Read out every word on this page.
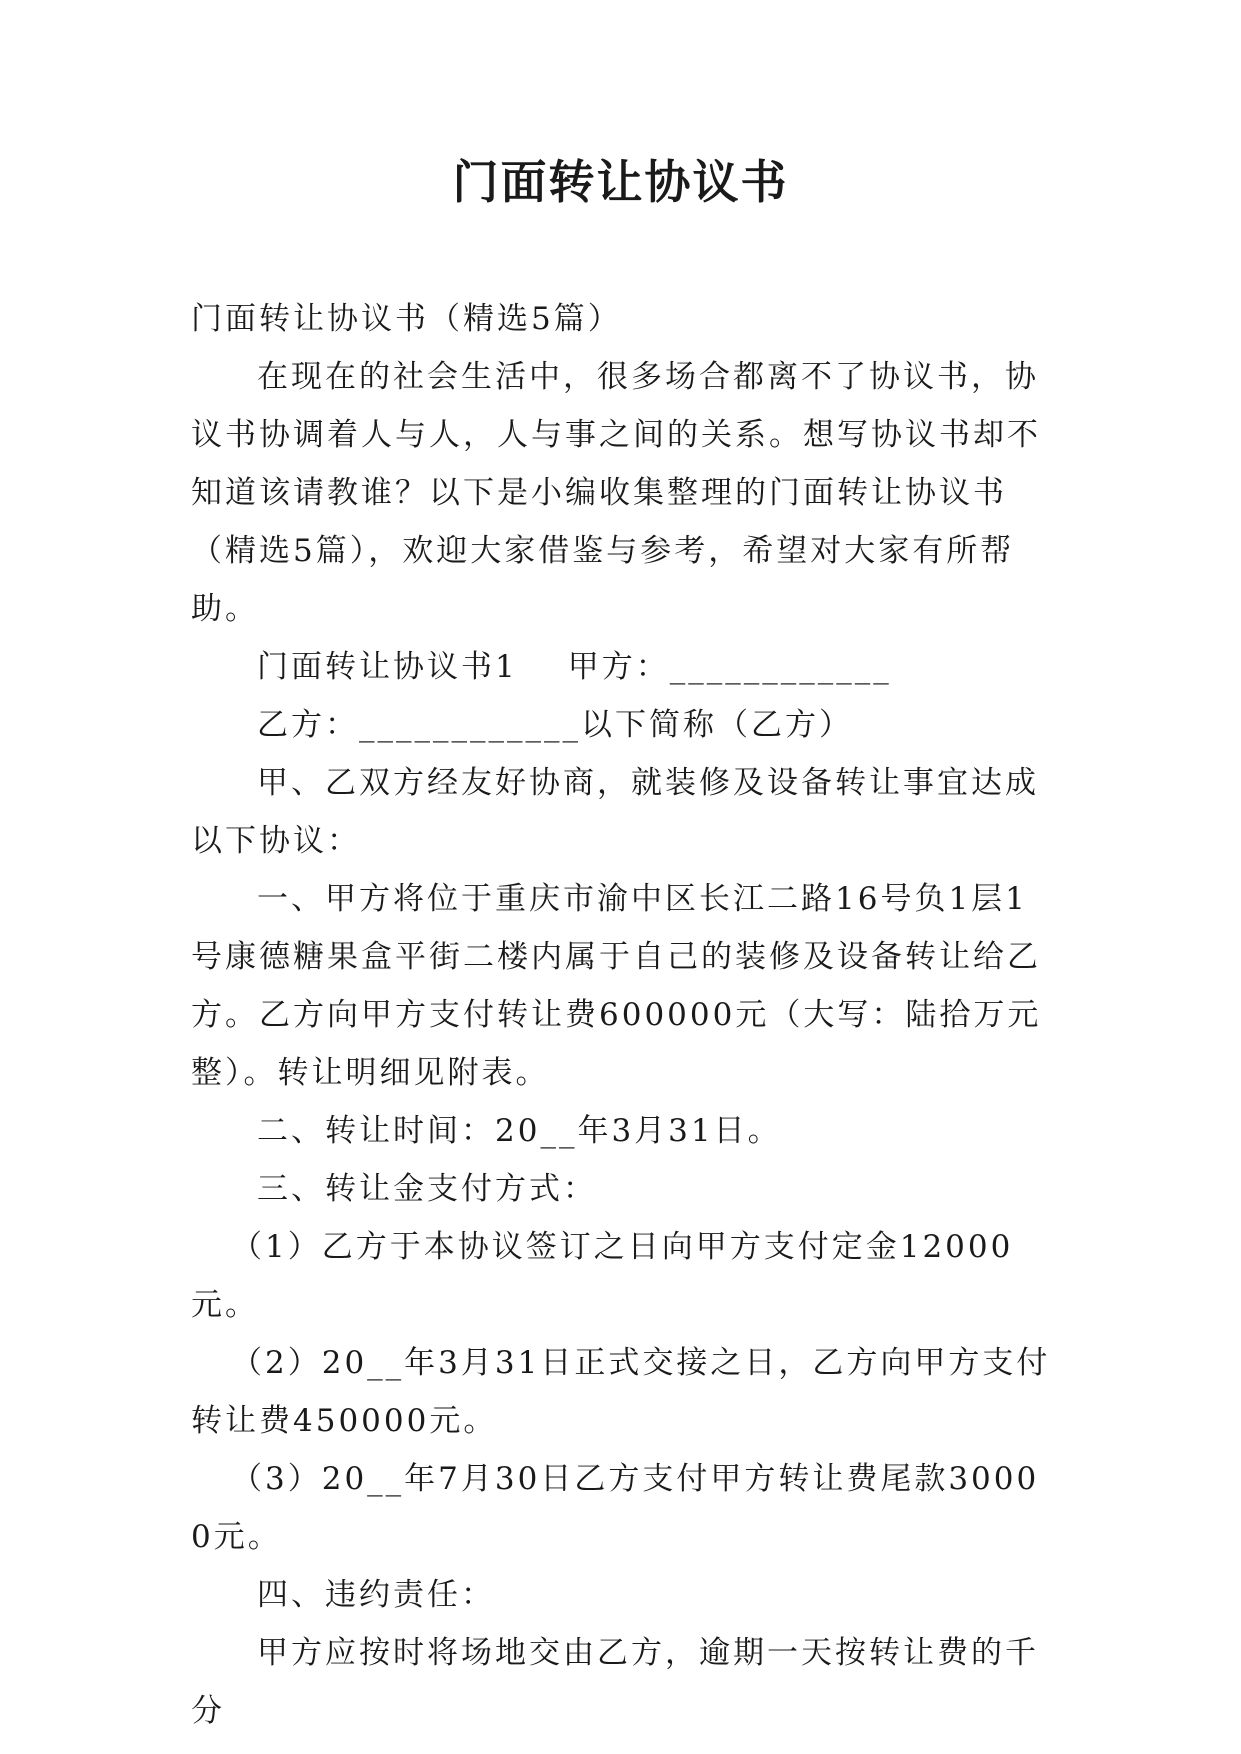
门面转让协议书

门面转让协议书（精选5篇）

在现在的社会生活中，很多场合都离不了协议书，协议书协调着人与人，人与事之间的关系。想写协议书却不知道该请教谁？以下是小编收集整理的门面转让协议书（精选5篇），欢迎大家借鉴与参考，希望对大家有所帮助。

门面转让协议书1 甲方：____________

乙方：____________以下简称（乙方）

甲、乙双方经友好协商，就装修及设备转让事宜达成以下协议：

一、甲方将位于重庆市渝中区长江二路16号负1层1号康德糖果盒平街二楼内属于自己的装修及设备转让给乙方。乙方向甲方支付转让费600000元（大写：陆拾万元整）。转让明细见附表。

二、转让时间：20__年3月31日。

三、转让金支付方式：

（1）乙方于本协议签订之日向甲方支付定金12000元。

（2）20__年3月31日正式交接之日，乙方向甲方支付转让费450000元。

（3）20__年7月30日乙方支付甲方转让费尾款30000元。

四、违约责任：

甲方应按时将场地交由乙方，逾期一天按转让费的千分
